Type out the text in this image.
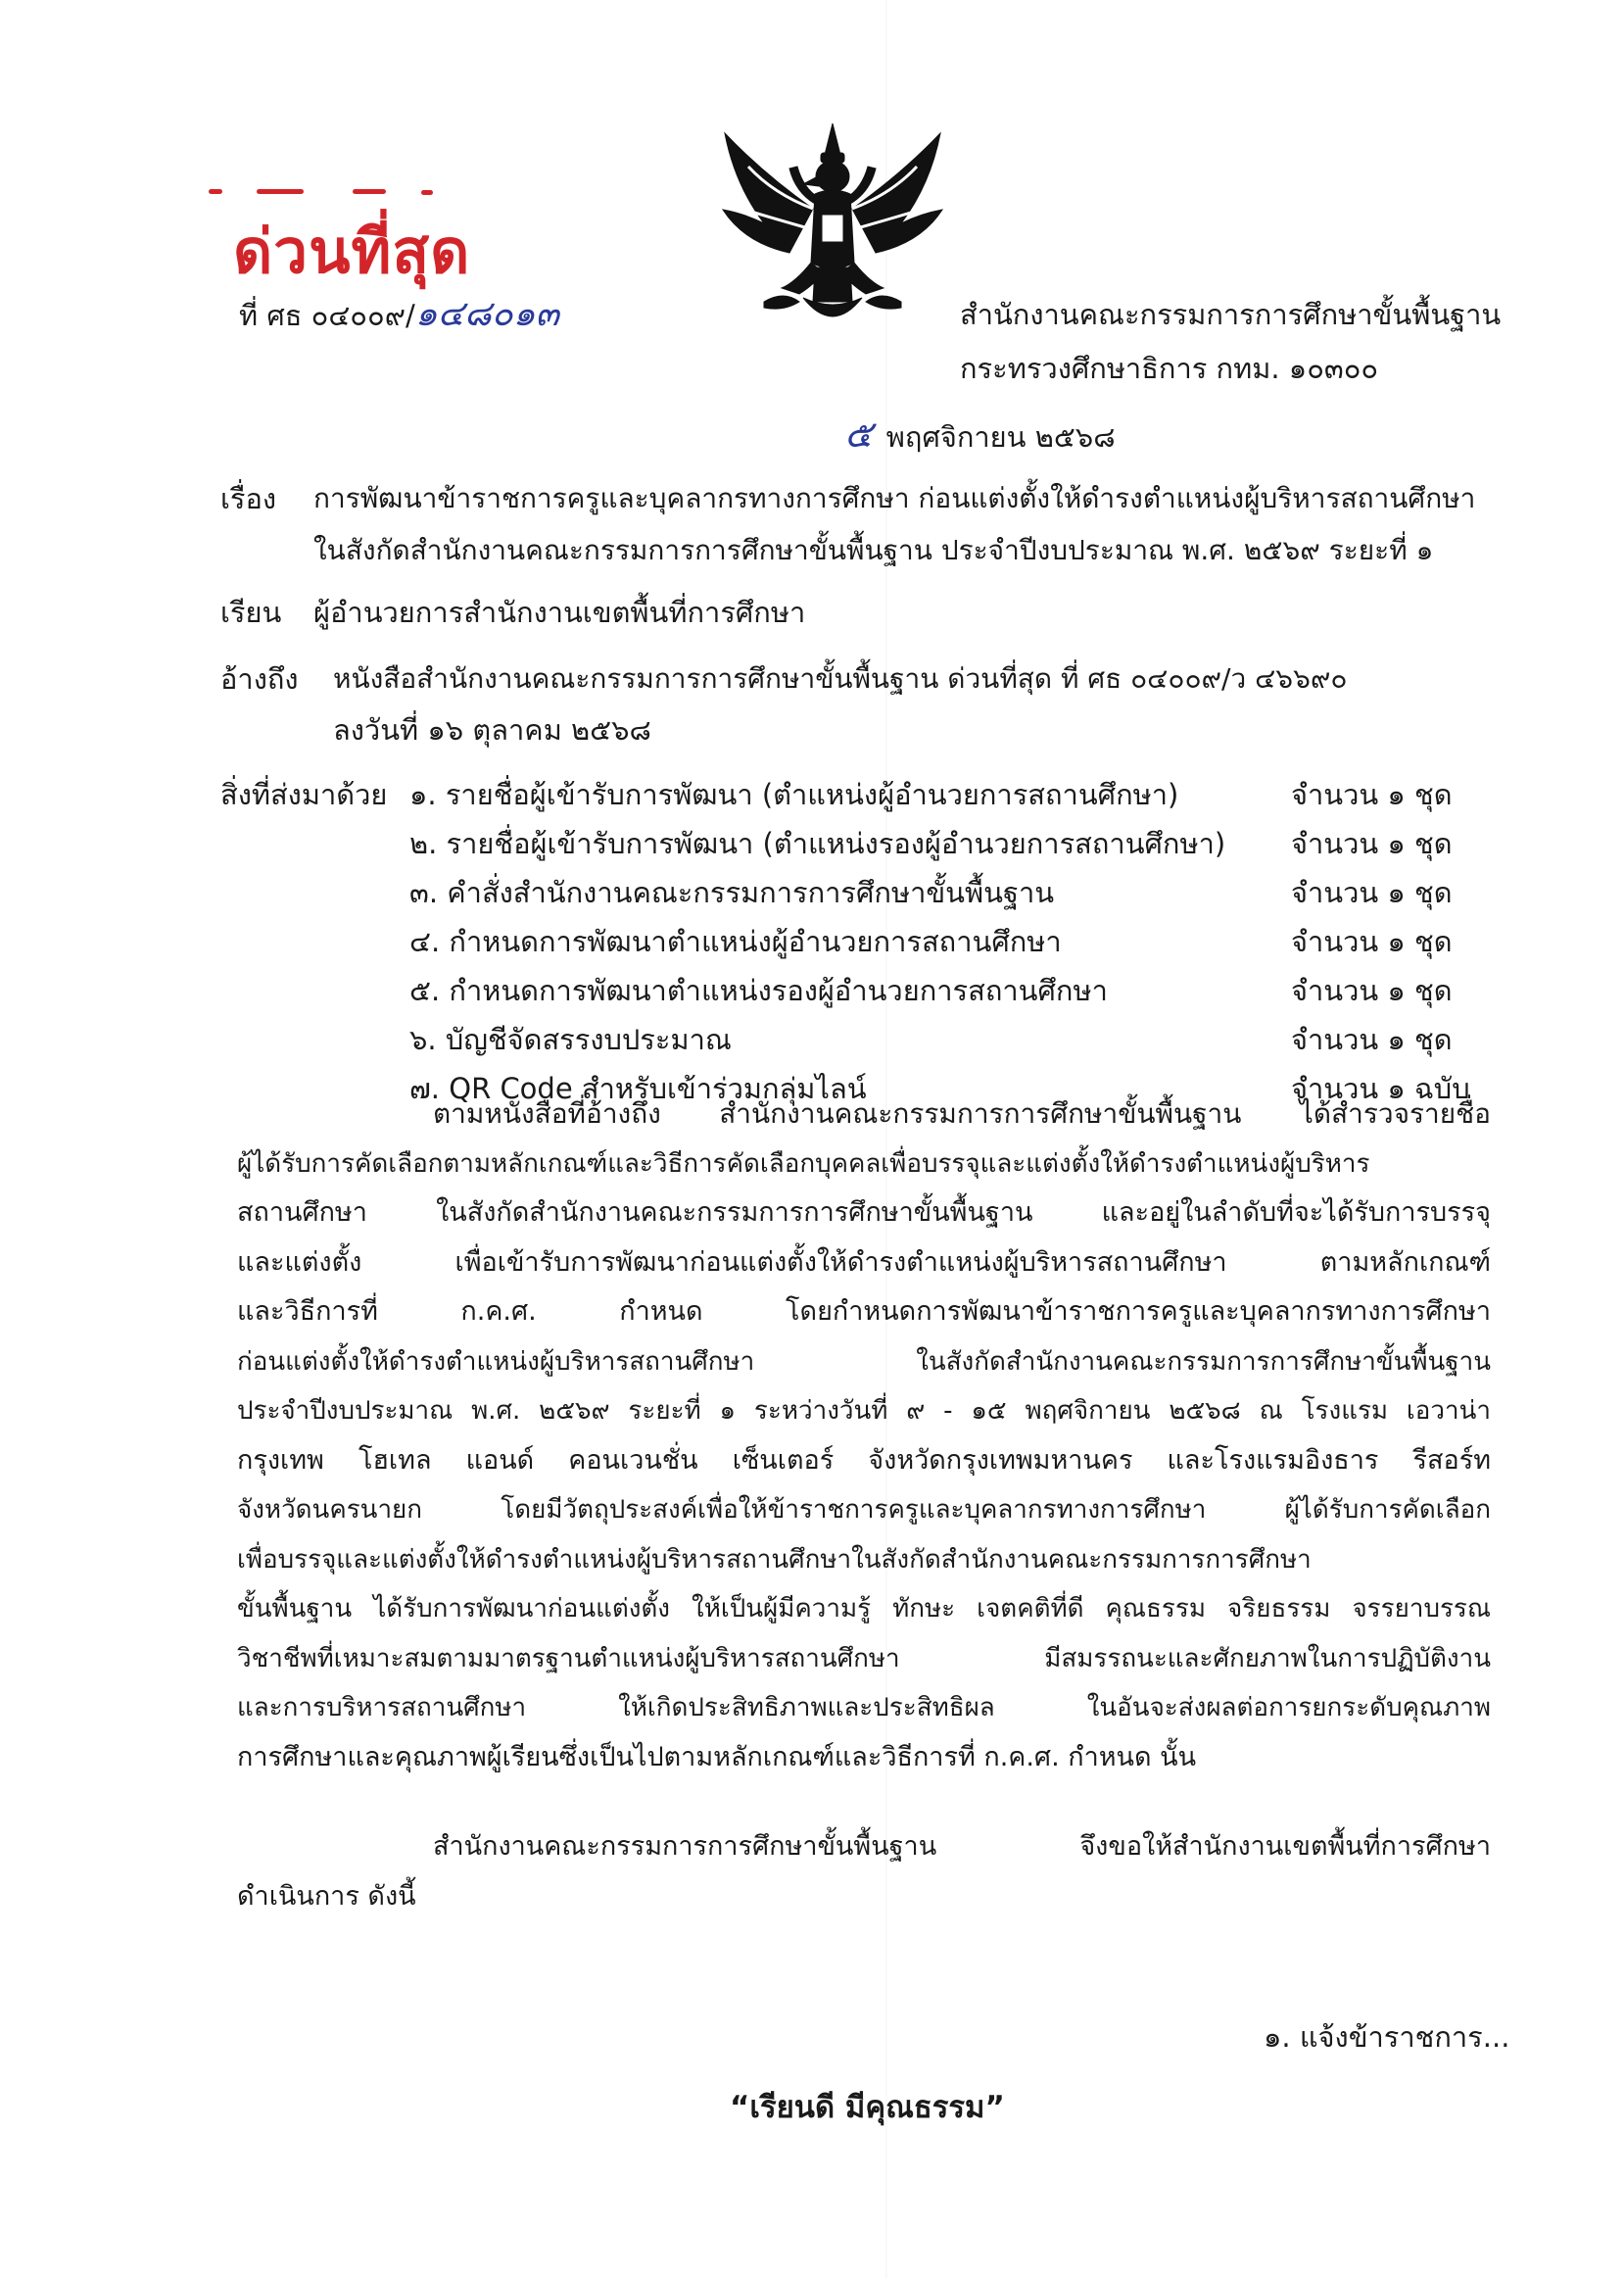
ด่วนที่สุด
ที่ ศธ ๐๔๐๐๙/๑๔๘๐๑๓	สำนักงานคณะกรรมการการศึกษาขั้นพื้นฐาน
กระทรวงศึกษาธิการ กทม. ๑๐๓๐๐
๕ พฤศจิกายน ๒๕๖๘
เรื่อง การพัฒนาข้าราชการครูและบุคลากรทางการศึกษา ก่อนแต่งตั้งให้ดำรงตำแหน่งผู้บริหารสถานศึกษา
ในสังกัดสำนักงานคณะกรรมการการศึกษาขั้นพื้นฐาน ประจำปีงบประมาณ พ.ศ. ๒๕๖๙ ระยะที่ ๑
เรียน ผู้อำนวยการสำนักงานเขตพื้นที่การศึกษา
อ้างถึง หนังสือสำนักงานคณะกรรมการการศึกษาขั้นพื้นฐาน ด่วนที่สุด ที่ ศธ ๐๔๐๐๙/ว ๔๖๖๙๐
ลงวันที่ ๑๖ ตุลาคม ๒๕๖๘
สิ่งที่ส่งมาด้วย ๑. รายชื่อผู้เข้ารับการพัฒนา (ตำแหน่งผู้อำนวยการสถานศึกษา)	จำนวน ๑ ชุด
๒. รายชื่อผู้เข้ารับการพัฒนา (ตำแหน่งรองผู้อำนวยการสถานศึกษา) จำนวน ๑ ชุด
๓. คำสั่งสำนักงานคณะกรรมการการศึกษาขั้นพื้นฐาน	จำนวน ๑ ชุด
๔. กำหนดการพัฒนาตำแหน่งผู้อำนวยการสถานศึกษา	จำนวน ๑ ชุด
๕. กำหนดการพัฒนาตำแหน่งรองผู้อำนวยการสถานศึกษา	จำนวน ๑ ชุด
๖. บัญชีจัดสรรงบประมาณ	จำนวน ๑ ชุด
๗. QR Code สำหรับเข้าร่วมกลุ่มไลน์	จำนวน ๑ ฉบับ
ตามหนังสือที่อ้างถึง สำนักงานคณะกรรมการการศึกษาขั้นพื้นฐาน ได้สำรวจรายชื่อ
ผู้ได้รับการคัดเลือกตามหลักเกณฑ์และวิธีการคัดเลือกบุคคลเพื่อบรรจุและแต่งตั้งให้ดำรงตำแหน่งผู้บริหาร
สถานศึกษา ในสังกัดสำนักงานคณะกรรมการการศึกษาขั้นพื้นฐาน และอยู่ในลำดับที่จะได้รับการบรรจุ
และแต่งตั้ง เพื่อเข้ารับการพัฒนาก่อนแต่งตั้งให้ดำรงตำแหน่งผู้บริหารสถานศึกษา ตามหลักเกณฑ์
และวิธีการที่ ก.ค.ศ. กำหนด โดยกำหนดการพัฒนาข้าราชการครูและบุคลากรทางการศึกษา
ก่อนแต่งตั้งให้ดำรงตำแหน่งผู้บริหารสถานศึกษา ในสังกัดสำนักงานคณะกรรมการการศึกษาขั้นพื้นฐาน
ประจำปีงบประมาณ พ.ศ. ๒๕๖๙ ระยะที่ ๑ ระหว่างวันที่ ๙ - ๑๕ พฤศจิกายน ๒๕๖๘ ณ โรงแรม เอวาน่า
กรุงเทพ โฮเทล แอนด์ คอนเวนชั่น เซ็นเตอร์ จังหวัดกรุงเทพมหานคร และโรงแรมอิงธาร รีสอร์ท
จังหวัดนครนายก โดยมีวัตถุประสงค์เพื่อให้ข้าราชการครูและบุคลากรทางการศึกษา ผู้ได้รับการคัดเลือก
เพื่อบรรจุและแต่งตั้งให้ดำรงตำแหน่งผู้บริหารสถานศึกษาในสังกัดสำนักงานคณะกรรมการการศึกษา
ขั้นพื้นฐาน ได้รับการพัฒนาก่อนแต่งตั้ง ให้เป็นผู้มีความรู้ ทักษะ เจตคติที่ดี คุณธรรม จริยธรรม จรรยาบรรณ
วิชาชีพที่เหมาะสมตามมาตรฐานตำแหน่งผู้บริหารสถานศึกษา มีสมรรถนะและศักยภาพในการปฏิบัติงาน
และการบริหารสถานศึกษา ให้เกิดประสิทธิภาพและประสิทธิผล ในอันจะส่งผลต่อการยกระดับคุณภาพ
การศึกษาและคุณภาพผู้เรียนซึ่งเป็นไปตามหลักเกณฑ์และวิธีการที่ ก.ค.ศ. กำหนด นั้น
สำนักงานคณะกรรมการการศึกษาขั้นพื้นฐาน จึงขอให้สำนักงานเขตพื้นที่การศึกษา
ดำเนินการ ดังนี้
๑. แจ้งข้าราชการ...
“เรียนดี มีคุณธรรม”
